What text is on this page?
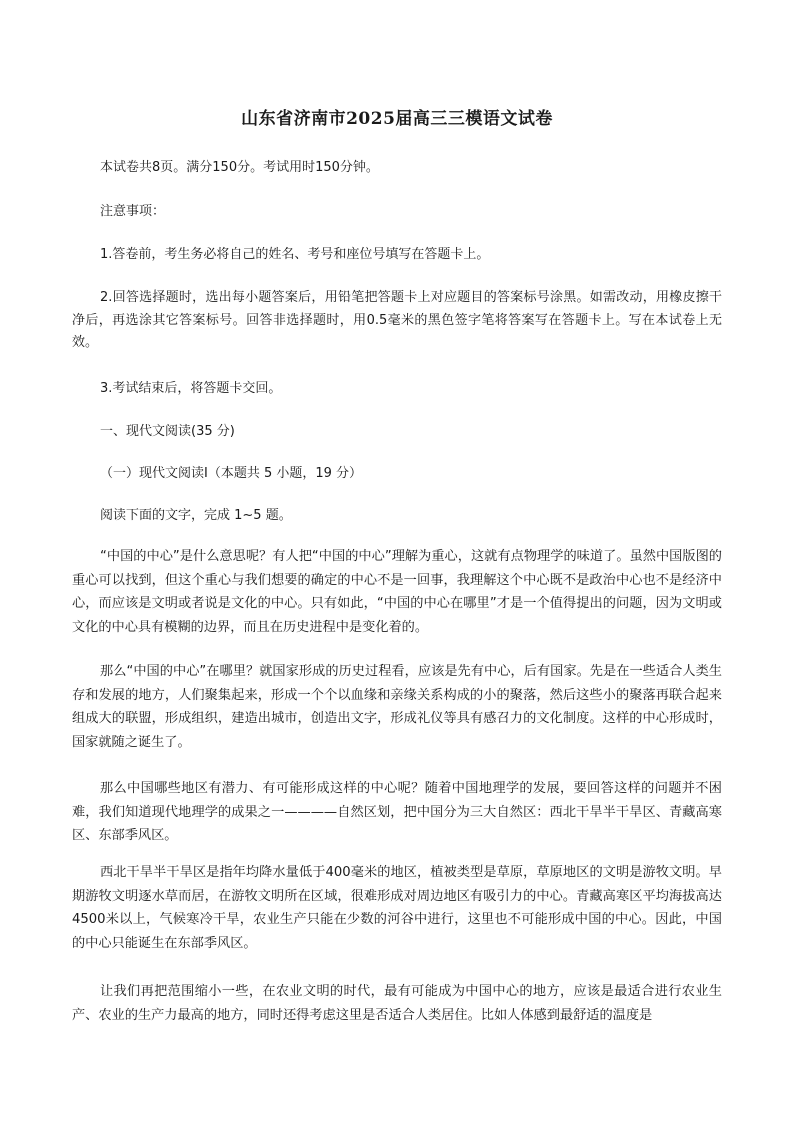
山东省济南市2025届高三三模语文试卷
本试卷共8页。满分150分。考试用时150分钟。
注意事项：
1.答卷前，考生务必将自己的姓名、考号和座位号填写在答题卡上。
2.回答选择题时，选出每小题答案后，用铅笔把答题卡上对应题目的答案标号涂黑。如需改动，用橡皮擦干净后，再选涂其它答案标号。回答非选择题时，用0.5毫米的黑色签字笔将答案写在答题卡上。写在本试卷上无效。
3.考试结束后，将答题卡交回。
一、现代文阅读(35 分)
（一）现代文阅读Ⅰ（本题共 5 小题，19 分）
阅读下面的文字，完成 1~5 题。
“中国的中心”是什么意思呢？有人把“中国的中心”理解为重心，这就有点物理学的味道了。虽然中国版图的重心可以找到，但这个重心与我们想要的确定的中心不是一回事，我理解这个中心既不是政治中心也不是经济中心，而应该是文明或者说是文化的中心。只有如此，“中国的中心在哪里”才是一个值得提出的问题，因为文明或文化的中心具有模糊的边界，而且在历史进程中是变化着的。
那么“中国的中心”在哪里？就国家形成的历史过程看，应该是先有中心，后有国家。先是在一些适合人类生存和发展的地方，人们聚集起来，形成一个个以血缘和亲缘关系构成的小的聚落，然后这些小的聚落再联合起来组成大的联盟，形成组织，建造出城市，创造出文字，形成礼仪等具有感召力的文化制度。这样的中心形成时，国家就随之诞生了。
那么中国哪些地区有潜力、有可能形成这样的中心呢？随着中国地理学的发展，要回答这样的问题并不困难，我们知道现代地理学的成果之一————自然区划，把中国分为三大自然区：西北干旱半干旱区、青藏高寒区、东部季风区。
西北干旱半干旱区是指年均降水量低于400毫米的地区，植被类型是草原，草原地区的文明是游牧文明。早期游牧文明逐水草而居，在游牧文明所在区域，很难形成对周边地区有吸引力的中心。青藏高寒区平均海拔高达4500米以上，气候寒冷干旱，农业生产只能在少数的河谷中进行，这里也不可能形成中国的中心。因此，中国的中心只能诞生在东部季风区。
让我们再把范围缩小一些，在农业文明的时代，最有可能成为中国中心的地方，应该是最适合进行农业生产、农业的生产力最高的地方，同时还得考虑这里是否适合人类居住。比如人体感到最舒适的温度是
